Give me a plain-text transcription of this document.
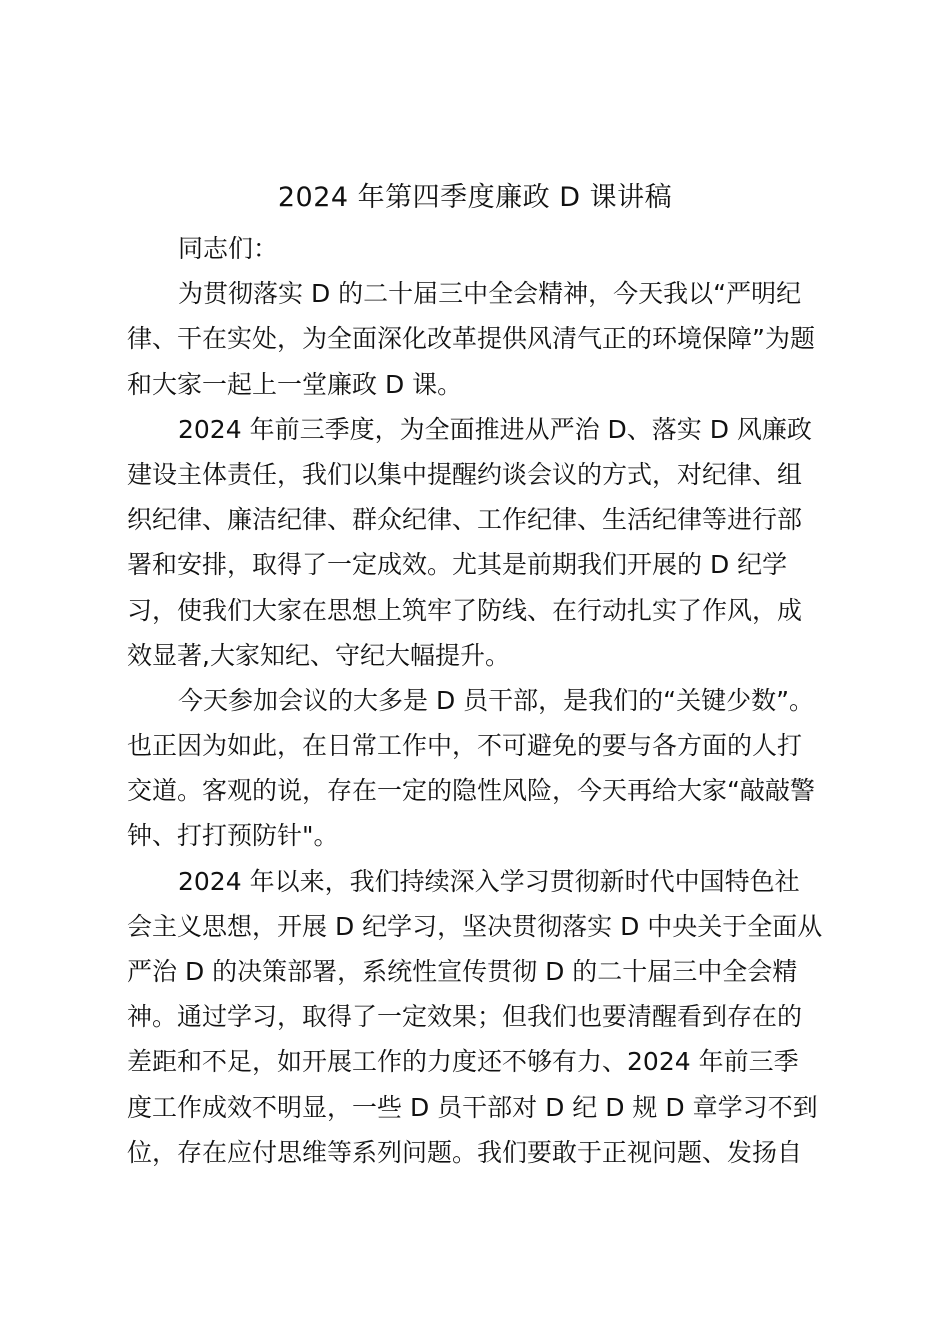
2024 年第四季度廉政 D 课讲稿
同志们：
为贯彻落实 D 的二十届三中全会精神，今天我以“严明纪
律、干在实处，为全面深化改革提供风清气正的环境保障”为题
和大家一起上一堂廉政 D 课。
2024 年前三季度，为全面推进从严治 D、落实 D 风廉政
建设主体责任，我们以集中提醒约谈会议的方式，对纪律、组
织纪律、廉洁纪律、群众纪律、工作纪律、生活纪律等进行部
署和安排，取得了一定成效。尤其是前期我们开展的 D 纪学
习，使我们大家在思想上筑牢了防线、在行动扎实了作风，成
效显著,大家知纪、守纪大幅提升。
今天参加会议的大多是 D 员干部，是我们的“关键少数”。
也正因为如此，在日常工作中，不可避免的要与各方面的人打
交道。客观的说，存在一定的隐性风险，今天再给大家“敲敲警
钟、打打预防针"。
2024 年以来，我们持续深入学习贯彻新时代中国特色社
会主义思想，开展 D 纪学习，坚决贯彻落实 D 中央关于全面从
严治 D 的决策部署，系统性宣传贯彻 D 的二十届三中全会精
神。通过学习，取得了一定效果；但我们也要清醒看到存在的
差距和不足，如开展工作的力度还不够有力、2024 年前三季
度工作成效不明显，一些 D 员干部对 D 纪 D 规 D 章学习不到
位，存在应付思维等系列问题。我们要敢于正视问题、发扬自
